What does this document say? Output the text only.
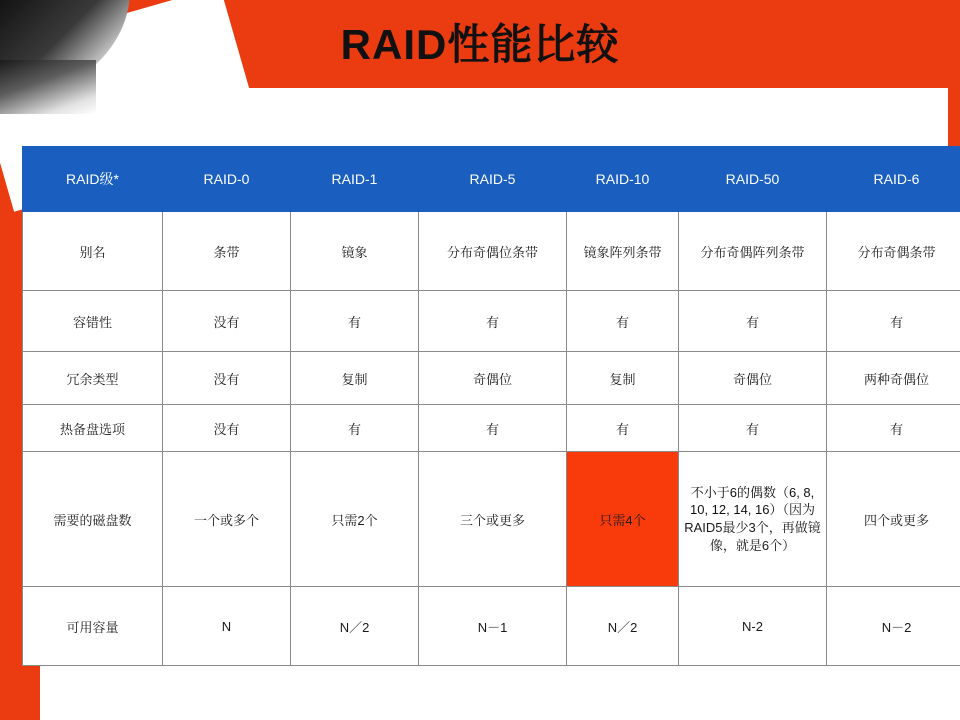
RAID性能比较
RAID级*	RAID-0	RAID-1	RAID-5	RAID-10	RAID-50	RAID-6
别名	条带	镜象	分布奇偶位条带	镜象阵列条带	分布奇偶阵列条带	分布奇偶条带
容错性	没有	有	有	有	有	有
冗余类型	没有	复制	奇偶位	复制	奇偶位	两种奇偶位
热备盘选项	没有	有	有	有	有	有
需要的磁盘数	一个或多个	只需2个	三个或更多	只需4个	不小于6的偶数（6, 8, 10, 12, 14, 16）（因为RAID5最少3个，再做镜像，就是6个）	四个或更多
可用容量	N	N／2	N－1	N／2	N-2	N－2
